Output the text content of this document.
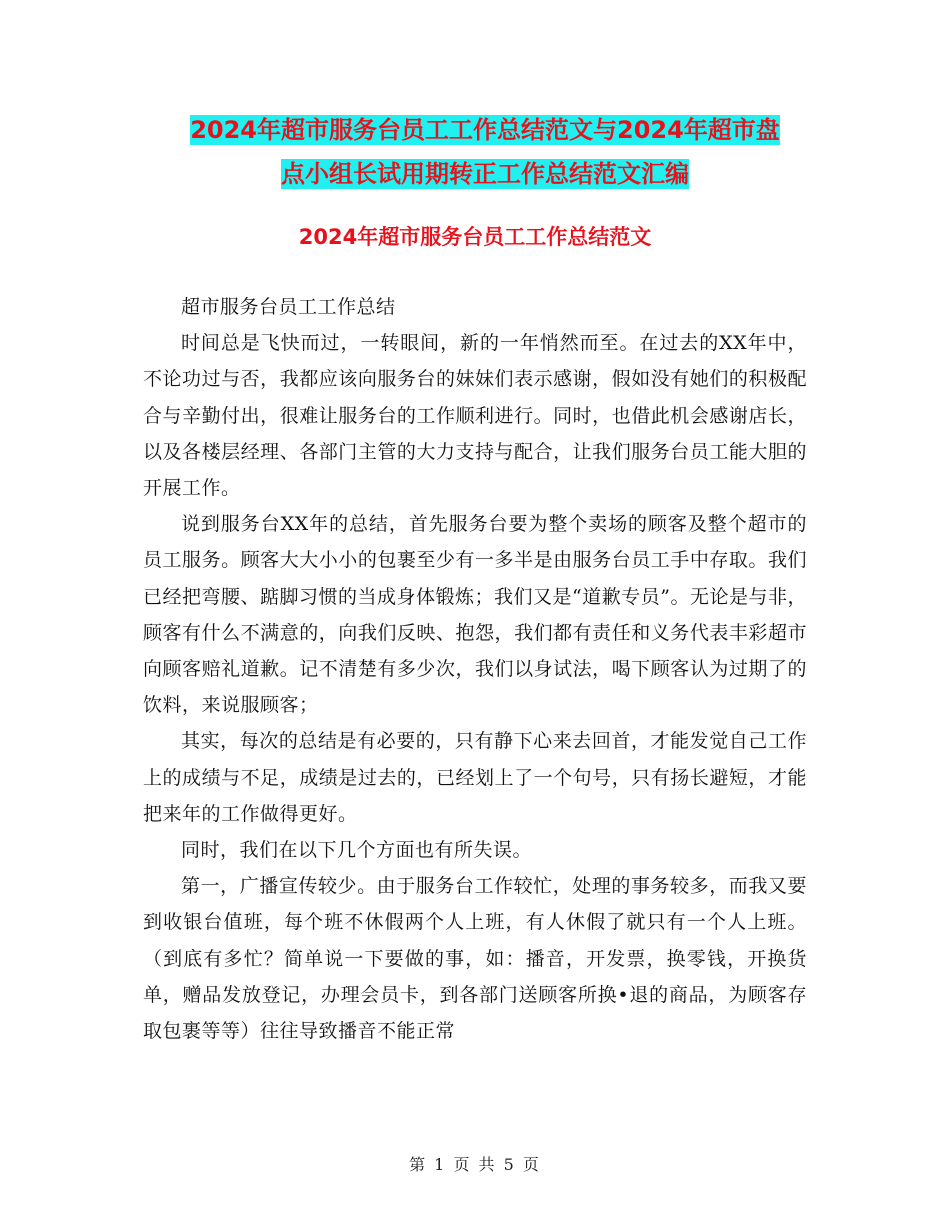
2024年超市服务台员工工作总结范文与2024年超市盘
点小组长试用期转正工作总结范文汇编
2024年超市服务台员工工作总结范文

超市服务台员工工作总结

时间总是飞快而过，一转眼间，新的一年悄然而至。在过去的XX年中，不论功过与否，我都应该向服务台的妹妹们表示感谢，假如没有她们的积极配合与辛勤付出，很难让服务台的工作顺利进行。同时，也借此机会感谢店长，以及各楼层经理、各部门主管的大力支持与配合，让我们服务台员工能大胆的开展工作。

说到服务台XX年的总结，首先服务台要为整个卖场的顾客及整个超市的员工服务。顾客大大小小的包裹至少有一多半是由服务台员工手中存取。我们已经把弯腰、踮脚习惯的当成身体锻炼；我们又是“道歉专员”。无论是与非，顾客有什么不满意的，向我们反映、抱怨，我们都有责任和义务代表丰彩超市向顾客赔礼道歉。记不清楚有多少次，我们以身试法，喝下顾客认为过期了的饮料，来说服顾客；

其实，每次的总结是有必要的，只有静下心来去回首，才能发觉自己工作上的成绩与不足，成绩是过去的，已经划上了一个句号，只有扬长避短，才能把来年的工作做得更好。

同时，我们在以下几个方面也有所失误。

第一，广播宣传较少。由于服务台工作较忙，处理的事务较多，而我又要到收银台值班，每个班不休假两个人上班，有人休假了就只有一个人上班。（到底有多忙？简单说一下要做的事，如：播音，开发票，换零钱，开换货单，赠品发放登记，办理会员卡，到各部门送顾客所换•退的商品，为顾客存取包裹等等）往往导致播音不能正常

第 1 页 共 5 页
